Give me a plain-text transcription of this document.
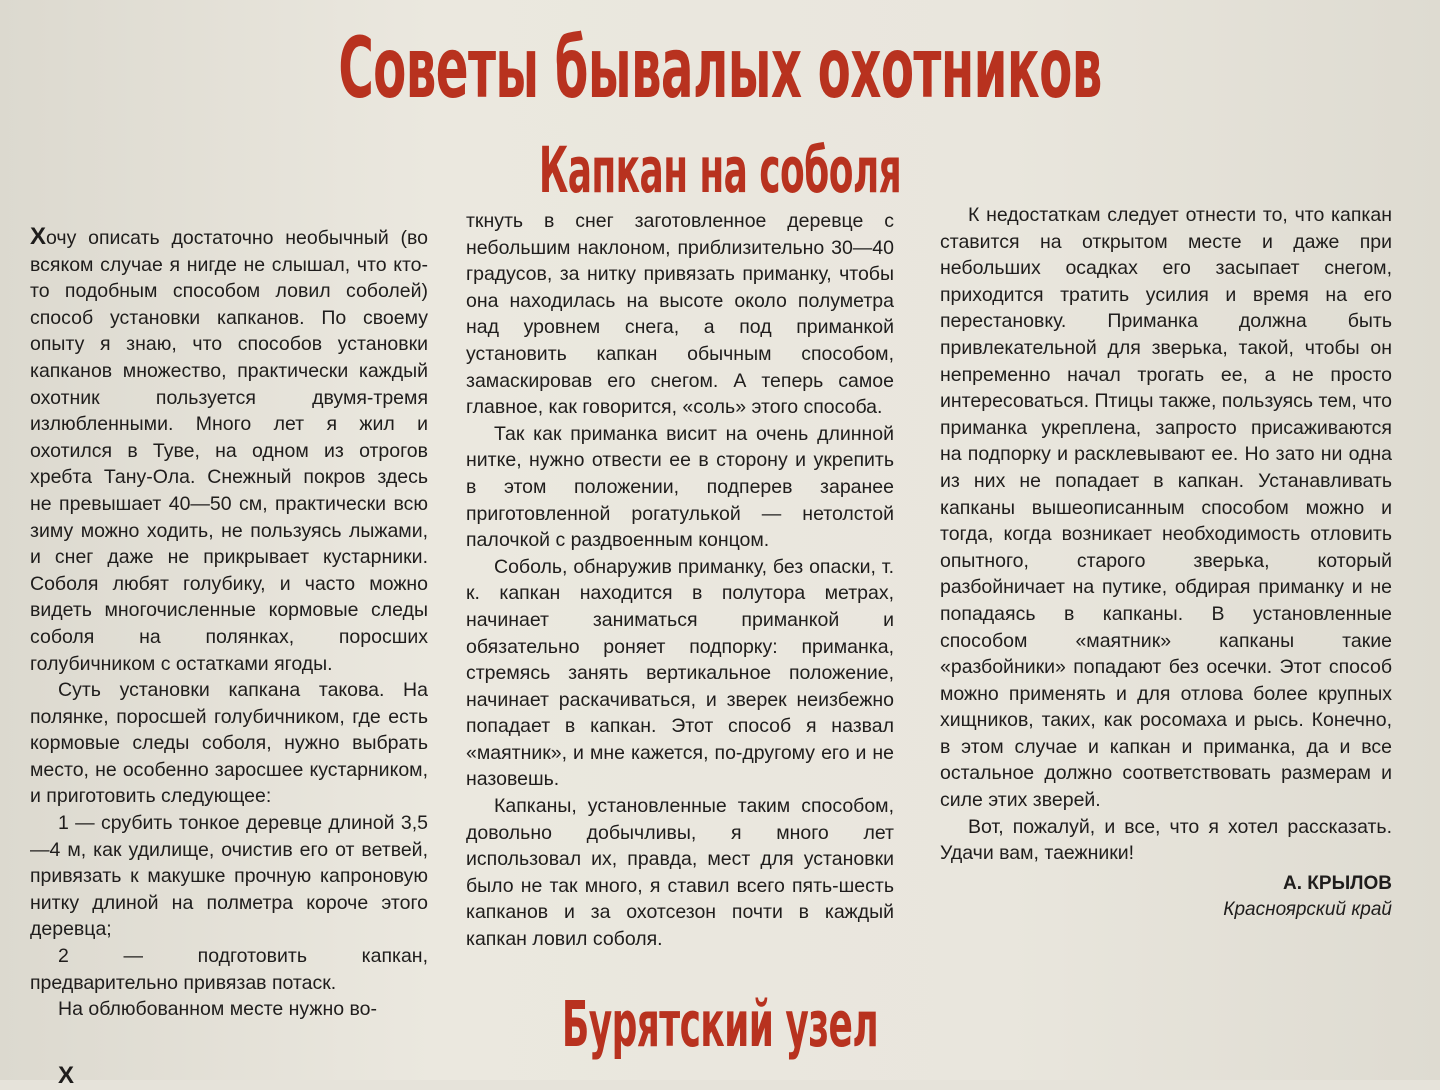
Советы бывалых охотников
Капкан на соболя

Хочу описать достаточно необычный (во всяком случае я нигде не слышал, что кто-то подобным способом ловил соболей) способ установки капканов. По своему опыту я знаю, что способов установки капканов множество, практически каждый охотник пользуется двумя-тремя излюбленными. Много лет я жил и охотился в Туве, на одном из отрогов хребта Тану-Ола. Снежный покров здесь не превышает 40—50 см, практически всю зиму можно ходить, не пользуясь лыжами, и снег даже не прикрывает кустарники. Соболя любят голубику, и часто можно видеть многочисленные кормовые следы соболя на полянках, поросших голубичником с остатками ягоды.

Суть установки капкана такова. На полянке, поросшей голубичником, где есть кормовые следы соболя, нужно выбрать место, не особенно заросшее кустарником, и приготовить следующее:

1 — срубить тонкое деревце длиной 3,5—4 м, как удилище, очистив его от ветвей, привязать к макушке прочную капроновую нитку длиной на полметра короче этого деревца;

2 — подготовить капкан, предварительно привязав потаск.

На облюбованном месте нужно во-

ткнуть в снег заготовленное деревце с небольшим наклоном, приблизительно 30—40 градусов, за нитку привязать приманку, чтобы она находилась на высоте около полуметра над уровнем снега, а под приманкой установить капкан обычным способом, замаскировав его снегом. А теперь самое главное, как говорится, «соль» этого способа.

Так как приманка висит на очень длинной нитке, нужно отвести ее в сторону и укрепить в этом положении, подперев заранее приготовленной рогатулькой — нетолстой палочкой с раздвоенным концом.

Соболь, обнаружив приманку, без опаски, т. к. капкан находится в полутора метрах, начинает заниматься приманкой и обязательно роняет подпорку: приманка, стремясь занять вертикальное положение, начинает раскачиваться, и зверек неизбежно попадает в капкан. Этот способ я назвал «маятник», и мне кажется, по-другому его и не назовешь.

Капканы, установленные таким способом, довольно добычливы, я много лет использовал их, правда, мест для установки было не так много, я ставил всего пять-шесть капканов и за охотсезон почти в каждый капкан ловил соболя.

К недостаткам следует отнести то, что капкан ставится на открытом месте и даже при небольших осадках его засыпает снегом, приходится тратить усилия и время на его перестановку. Приманка должна быть привлекательной для зверька, такой, чтобы он непременно начал трогать ее, а не просто интересоваться. Птицы также, пользуясь тем, что приманка укреплена, запросто присаживаются на подпорку и расклевывают ее. Но зато ни одна из них не попадает в капкан. Устанавливать капканы вышеописанным способом можно и тогда, когда возникает необходимость отловить опытного, старого зверька, который разбойничает на путике, обдирая приманку и не попадаясь в капканы. В установленные способом «маятник» капканы такие «разбойники» попадают без осечки. Этот способ можно применять и для отлова более крупных хищников, таких, как росомаха и рысь. Конечно, в этом случае и капкан и приманка, да и все остальное должно соответствовать размерам и силе этих зверей.

Вот, пожалуй, и все, что я хотел рассказать. Удачи вам, таежники!

А. КРЫЛОВ
Красноярский край
Бурятский узел
Х
